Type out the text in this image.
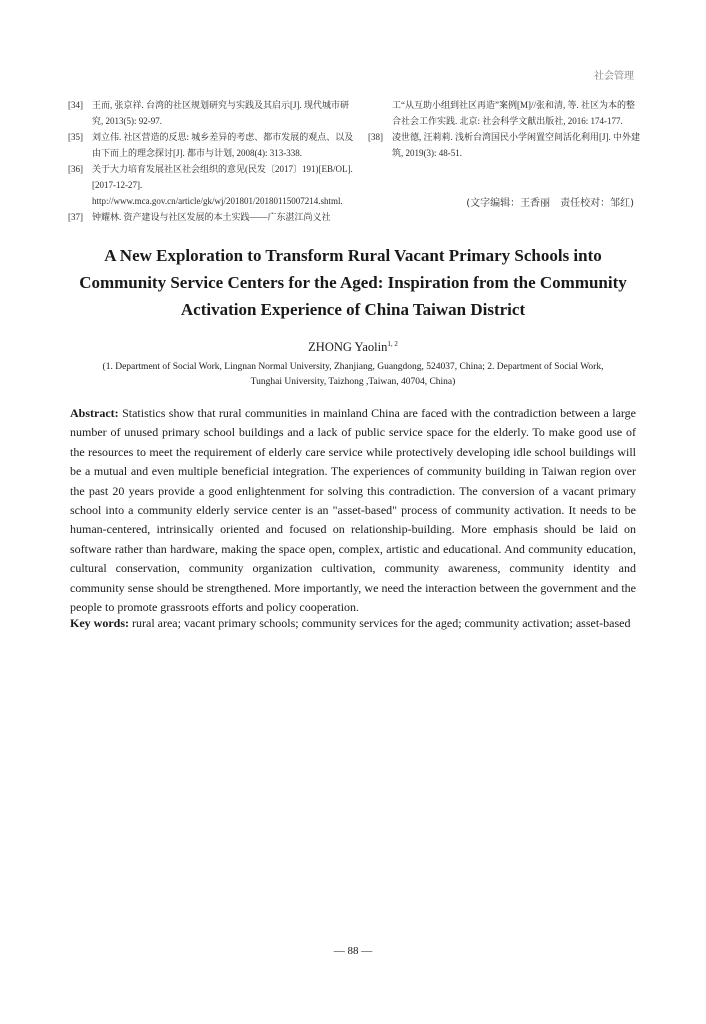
社会管理
[34]	王而, 张京祥. 台湾的社区规划研究与实践及其启示[J]. 现代城市研究, 2013(5): 92-97.
[35]	刘立伟. 社区营造的反思: 城乡差异的考虑、都市发展的观点、以及由下而上的理念探讨[J]. 都市与计划, 2008(4): 313-338.
[36]	关于大力培育发展社区社会组织的意见(民发〔2017〕191)[EB/OL]. [2017-12-27]. http://www.mca.gov.cn/article/gk/wj/201801/20180115007214.shtml.
[37]	钟耀林. 资产建设与社区发展的本土实践——广东湛江尚义社
工“从互助小组到社区再造”案例[M]//张和清, 等. 社区为本的整合社会工作实践. 北京: 社会科学文献出版社, 2016: 174-177.
[38]	凌世德, 汪莉莉. 浅析台湾国民小学闲置空间活化利用[J]. 中外建筑, 2019(3): 48-51.
(文字编辑：王香丽　责任校对：邹红)
A New Exploration to Transform Rural Vacant Primary Schools into Community Service Centers for the Aged: Inspiration from the Community Activation Experience of China Taiwan District
ZHONG Yaolin$^{1, 2}$
(1. Department of Social Work, Lingnan Normal University, Zhanjiang, Guangdong, 524037, China; 2. Department of Social Work, Tunghai University, Taizhong ,Taiwan, 40704, China)
Abstract: Statistics show that rural communities in mainland China are faced with the contradiction between a large number of unused primary school buildings and a lack of public service space for the elderly. To make good use of the resources to meet the requirement of elderly care service while protectively developing idle school buildings will be a mutual and even multiple beneficial integration. The experiences of community building in Taiwan region over the past 20 years provide a good enlightenment for solving this contradiction. The conversion of a vacant primary school into a community elderly service center is an "asset-based" process of community activation. It needs to be human-centered, intrinsically oriented and focused on relationship-building. More emphasis should be laid on software rather than hardware, making the space open, complex, artistic and educational. And community education, cultural conservation, community organization cultivation, community awareness, community identity and community sense should be strengthened. More importantly, we need the interaction between the government and the people to promote grassroots efforts and policy cooperation.
Key words: rural area; vacant primary schools; community services for the aged; community activation; asset-based
— 88 —
